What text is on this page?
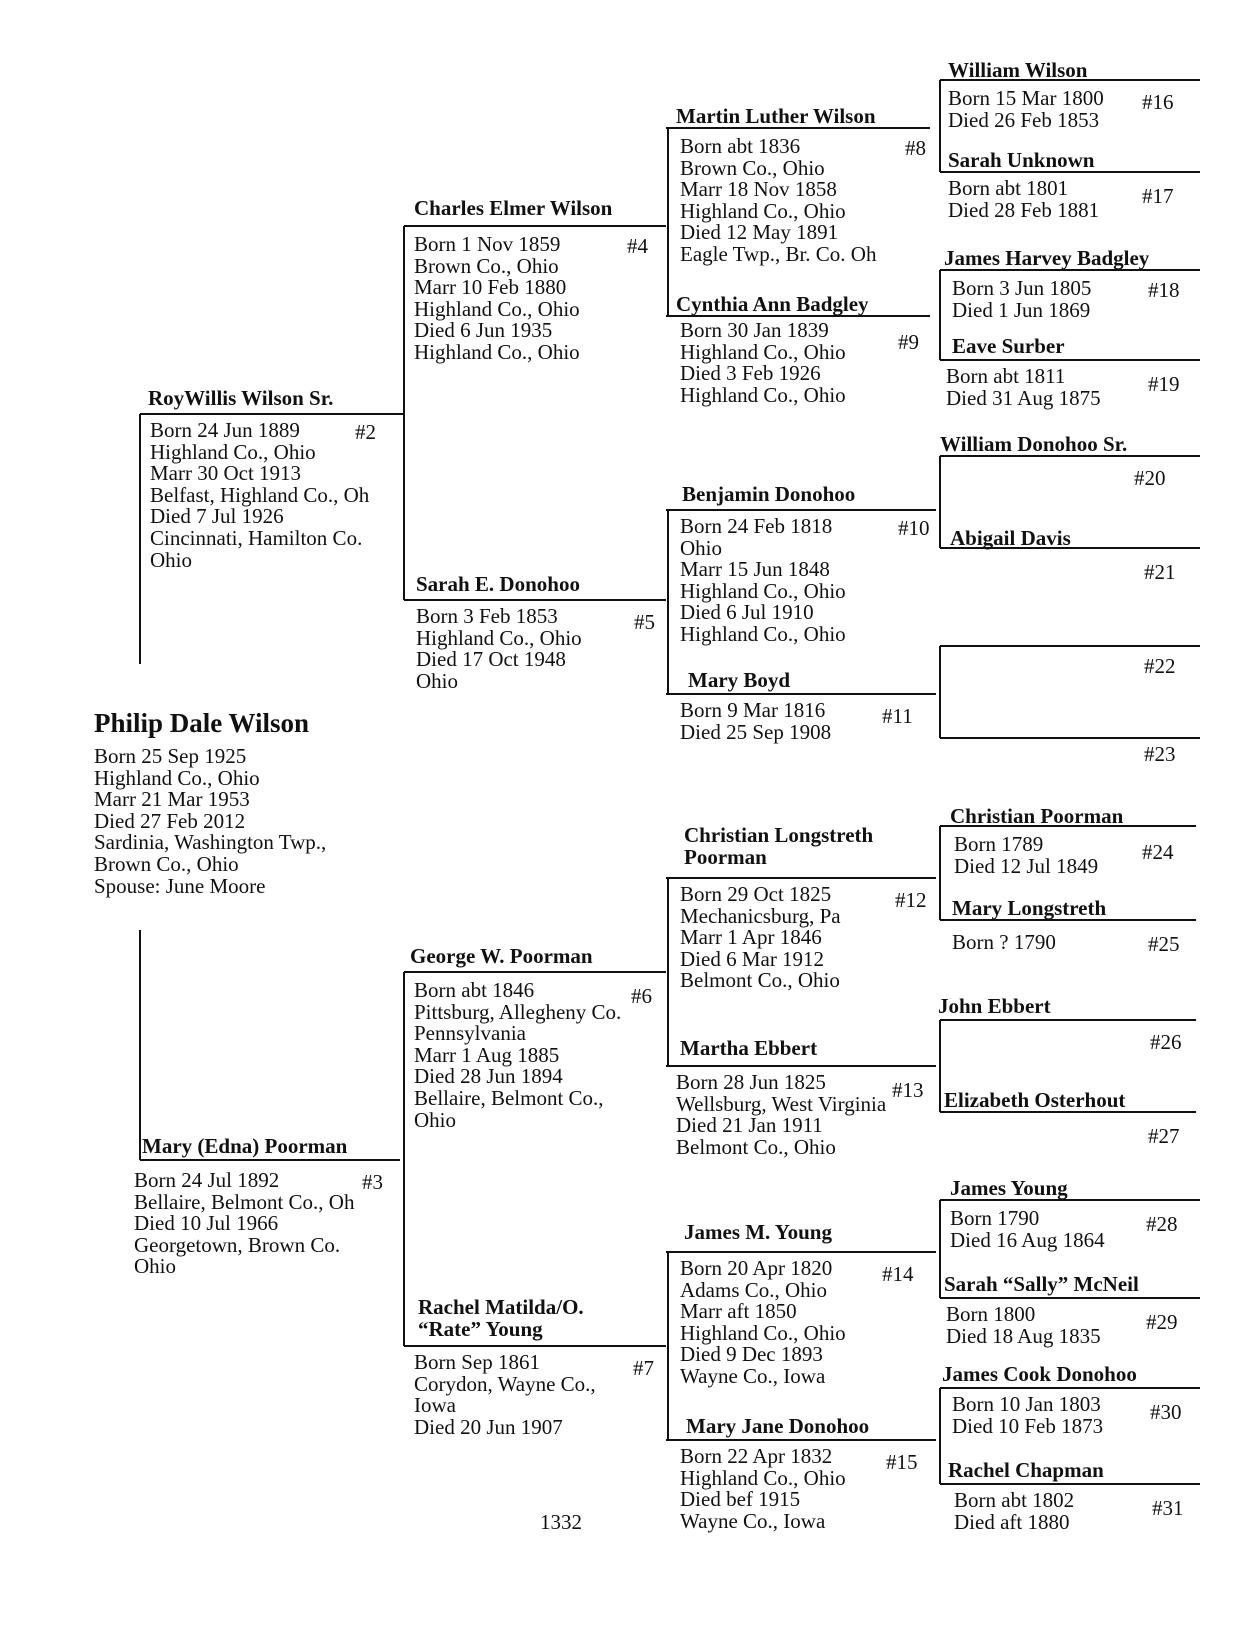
Philip Dale Wilson
Born 25 Sep 1925
Highland Co., Ohio
Marr 21 Mar 1953
Died 27 Feb 2012
Sardinia, Washington Twp.,
Brown Co., Ohio
Spouse: June Moore
RoyWillis Wilson Sr.
Born 24 Jun 1889
Highland Co., Ohio
Marr 30 Oct 1913
Belfast, Highland Co., Oh
Died 7 Jul 1926
Cincinnati, Hamilton Co.
Ohio
#2
Mary (Edna) Poorman
Born 24 Jul 1892
Bellaire, Belmont Co., Oh
Died 10 Jul 1966
Georgetown, Brown Co.
Ohio
#3
Charles Elmer Wilson
Born 1 Nov 1859
Brown Co., Ohio
Marr 10 Feb 1880
Highland Co., Ohio
Died 6 Jun 1935
Highland Co., Ohio
#4
Sarah E. Donohoo
Born 3 Feb 1853
Highland Co., Ohio
Died 17 Oct 1948
Ohio
#5
George W. Poorman
Born abt 1846
Pittsburg, Allegheny Co.
Pennsylvania
Marr 1 Aug 1885
Died 28 Jun 1894
Bellaire, Belmont Co.,
Ohio
#6
Rachel Matilda/O.
“Rate” Young
Born Sep 1861
Corydon, Wayne Co.,
Iowa
Died 20 Jun 1907
#7
Martin Luther Wilson
Born abt 1836
Brown Co., Ohio
Marr 18 Nov 1858
Highland Co., Ohio
Died 12 May 1891
Eagle Twp., Br. Co. Oh
#8
Cynthia Ann Badgley
Born 30 Jan 1839
Highland Co., Ohio
Died 3 Feb 1926
Highland Co., Ohio
#9
Benjamin Donohoo
Born 24 Feb 1818
Ohio
Marr 15 Jun 1848
Highland Co., Ohio
Died 6 Jul 1910
Highland Co., Ohio
#10
Mary Boyd
Born 9 Mar 1816
Died 25 Sep 1908
#11
Christian Longstreth
Poorman
Born 29 Oct 1825
Mechanicsburg, Pa
Marr 1 Apr 1846
Died 6 Mar 1912
Belmont Co., Ohio
#12
Martha Ebbert
Born 28 Jun 1825
Wellsburg, West Virginia
Died 21 Jan 1911
Belmont Co., Ohio
#13
James M. Young
Born 20 Apr 1820
Adams Co., Ohio
Marr aft 1850
Highland Co., Ohio
Died 9 Dec 1893
Wayne Co., Iowa
#14
Mary Jane Donohoo
Born 22 Apr 1832
Highland Co., Ohio
Died bef 1915
Wayne Co., Iowa
#15
William Wilson
Born 15 Mar 1800
Died 26 Feb 1853
#16
Sarah Unknown
Born abt 1801
Died 28 Feb 1881
#17
James Harvey Badgley
Born 3 Jun 1805
Died 1 Jun 1869
#18
Eave Surber
Born abt 1811
Died 31 Aug 1875
#19
William Donohoo Sr.
#20
Abigail Davis
#21
#22
#23
Christian Poorman
Born 1789
Died 12 Jul 1849
#24
Mary Longstreth
Born ? 1790	#25
John Ebbert
#26
Elizabeth Osterhout
#27
James Young
Born 1790
Died 16 Aug 1864
#28
Sarah “Sally” McNeil
Born 1800
Died 18 Aug 1835
#29
James Cook Donohoo
Born 10 Jan 1803
Died 10 Feb 1873
#30
Rachel Chapman
Born abt 1802
Died aft 1880
#31
1332
